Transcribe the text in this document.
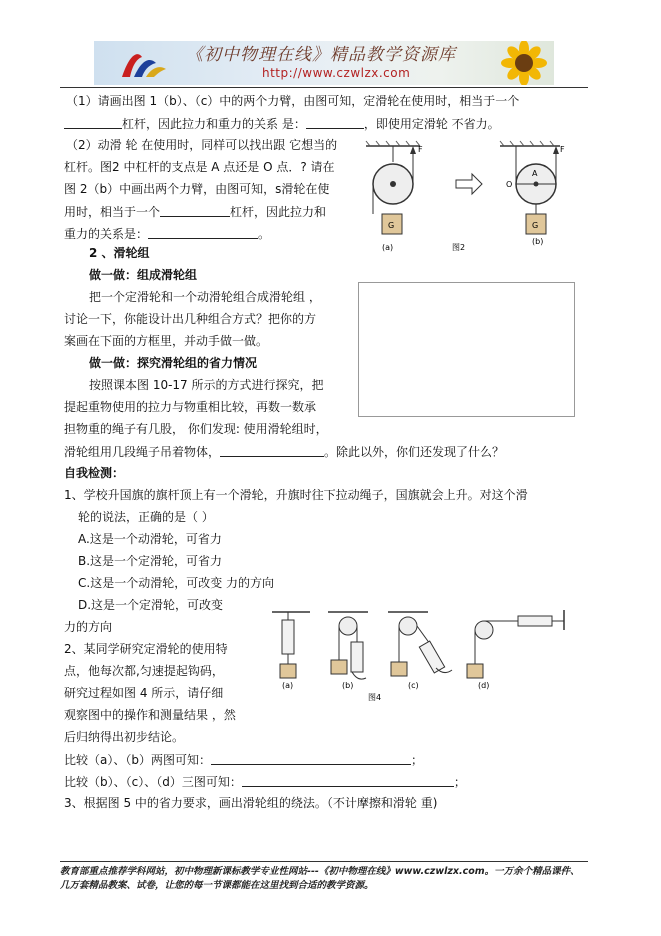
《初中物理在线》精品教学资源库
http://www.czwlzx.com
（1）请画出图 1（b）、（c）中的两个力臂，由图可知，定滑轮在使用时，相当于一个
杠杆，因此拉力和重力的关系 是：	，即使用定滑轮 不省力。
（2）动滑 轮 在使用时，同样可以找出跟 它想当的
杠杆。图2 中杠杆的支点是 A 点还是 O 点．? 请在
图 2（b）中画出两个力臂，由图可知，s滑轮在使
用时，相当于一个	杠杆，因此拉力和
重力的关系是：	。
F
G
F
A
O
G
(a)	图2
(b)
2 、滑轮组
做一做：组成滑轮组
把一个定滑轮和一个动滑轮组合成滑轮组 ，
讨论一下，你能设计出几种组合方式？把你的方
案画在下面的方框里，并动手做一做。
做一做：探究滑轮组的省力情况
按照课本图 10-17 所示的方式进行探究，把
提起重物使用的拉力与物重相比较，再数一数承
担物重的绳子有几股， 你们发现: 使用滑轮组时，
滑轮组用几段绳子吊着物体，	。除此以外，你们还发现了什么？
自我检测：
1、学校升国旗的旗杆顶上有一个滑轮，升旗时往下拉动绳子，国旗就会上升。对这个滑
轮的说法，正确的是（ ）
A.这是一个动滑轮，可省力
B.这是一个定滑轮，可省力
C.这是一个动滑轮，可改变 力的方向
D.这是一个定滑轮，可改变
力的方向
2、某同学研究定滑轮的使用特
点，他每次都,匀速提起钩码，
研究过程如图 4 所示，请仔细
观察图中的操作和测量结果 ，然
后归纳得出初步结论。
(a)	(b)	(c)	(d)
图4
比较（a）、（b）两图可知：	；
比较（b）、（c）、（d）三图可知：	；
3、根据图 5 中的省力要求，画出滑轮组的绕法。（不计摩擦和滑轮 重)
教育部重点推荐学科网站，初中物理新课标教学专业性网站---《初中物理在线》www.czwlzx.com。一万余个精品课件、
几万套精品教案、试卷，让您的每一节课都能在这里找到合适的教学资源。
